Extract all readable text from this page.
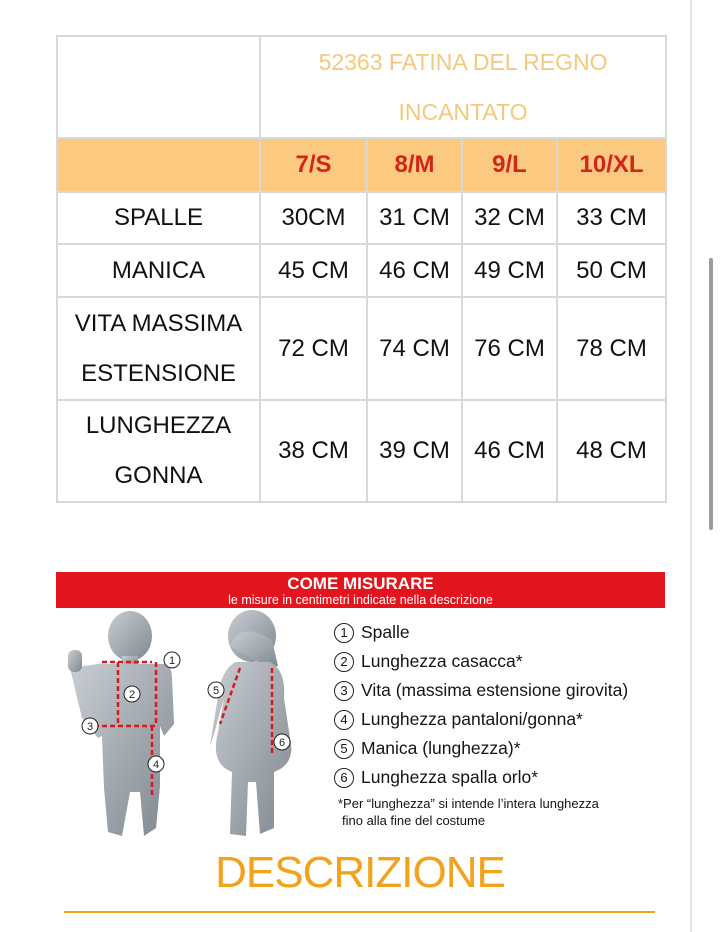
	52363 FATINA DEL REGNO
INCANTATO			

	7/S	8/M	9/L	10/XL

SPALLE	30CM	31 CM	32 CM	33 CM

MANICA	45 CM	46 CM	49 CM	50 CM

VITA MASSIMA
ESTENSIONE	72 CM	74 CM	76 CM	78 CM

LUNGHEZZA
GONNA	38 CM	39 CM	46 CM	48 CM
COME MISURARE
le misure in centimetri indicate nella descrizione
1
2
3
4
5
6
1 Spalle
2 Lunghezza casacca*
3 Vita (massima estensione girovita)
4 Lunghezza pantaloni/gonna*
5 Manica (lunghezza)*
6 Lunghezza spalla orlo*
*Per “lunghezza” si intende l’intera lunghezza
fino alla fine del costume
DESCRIZIONE
